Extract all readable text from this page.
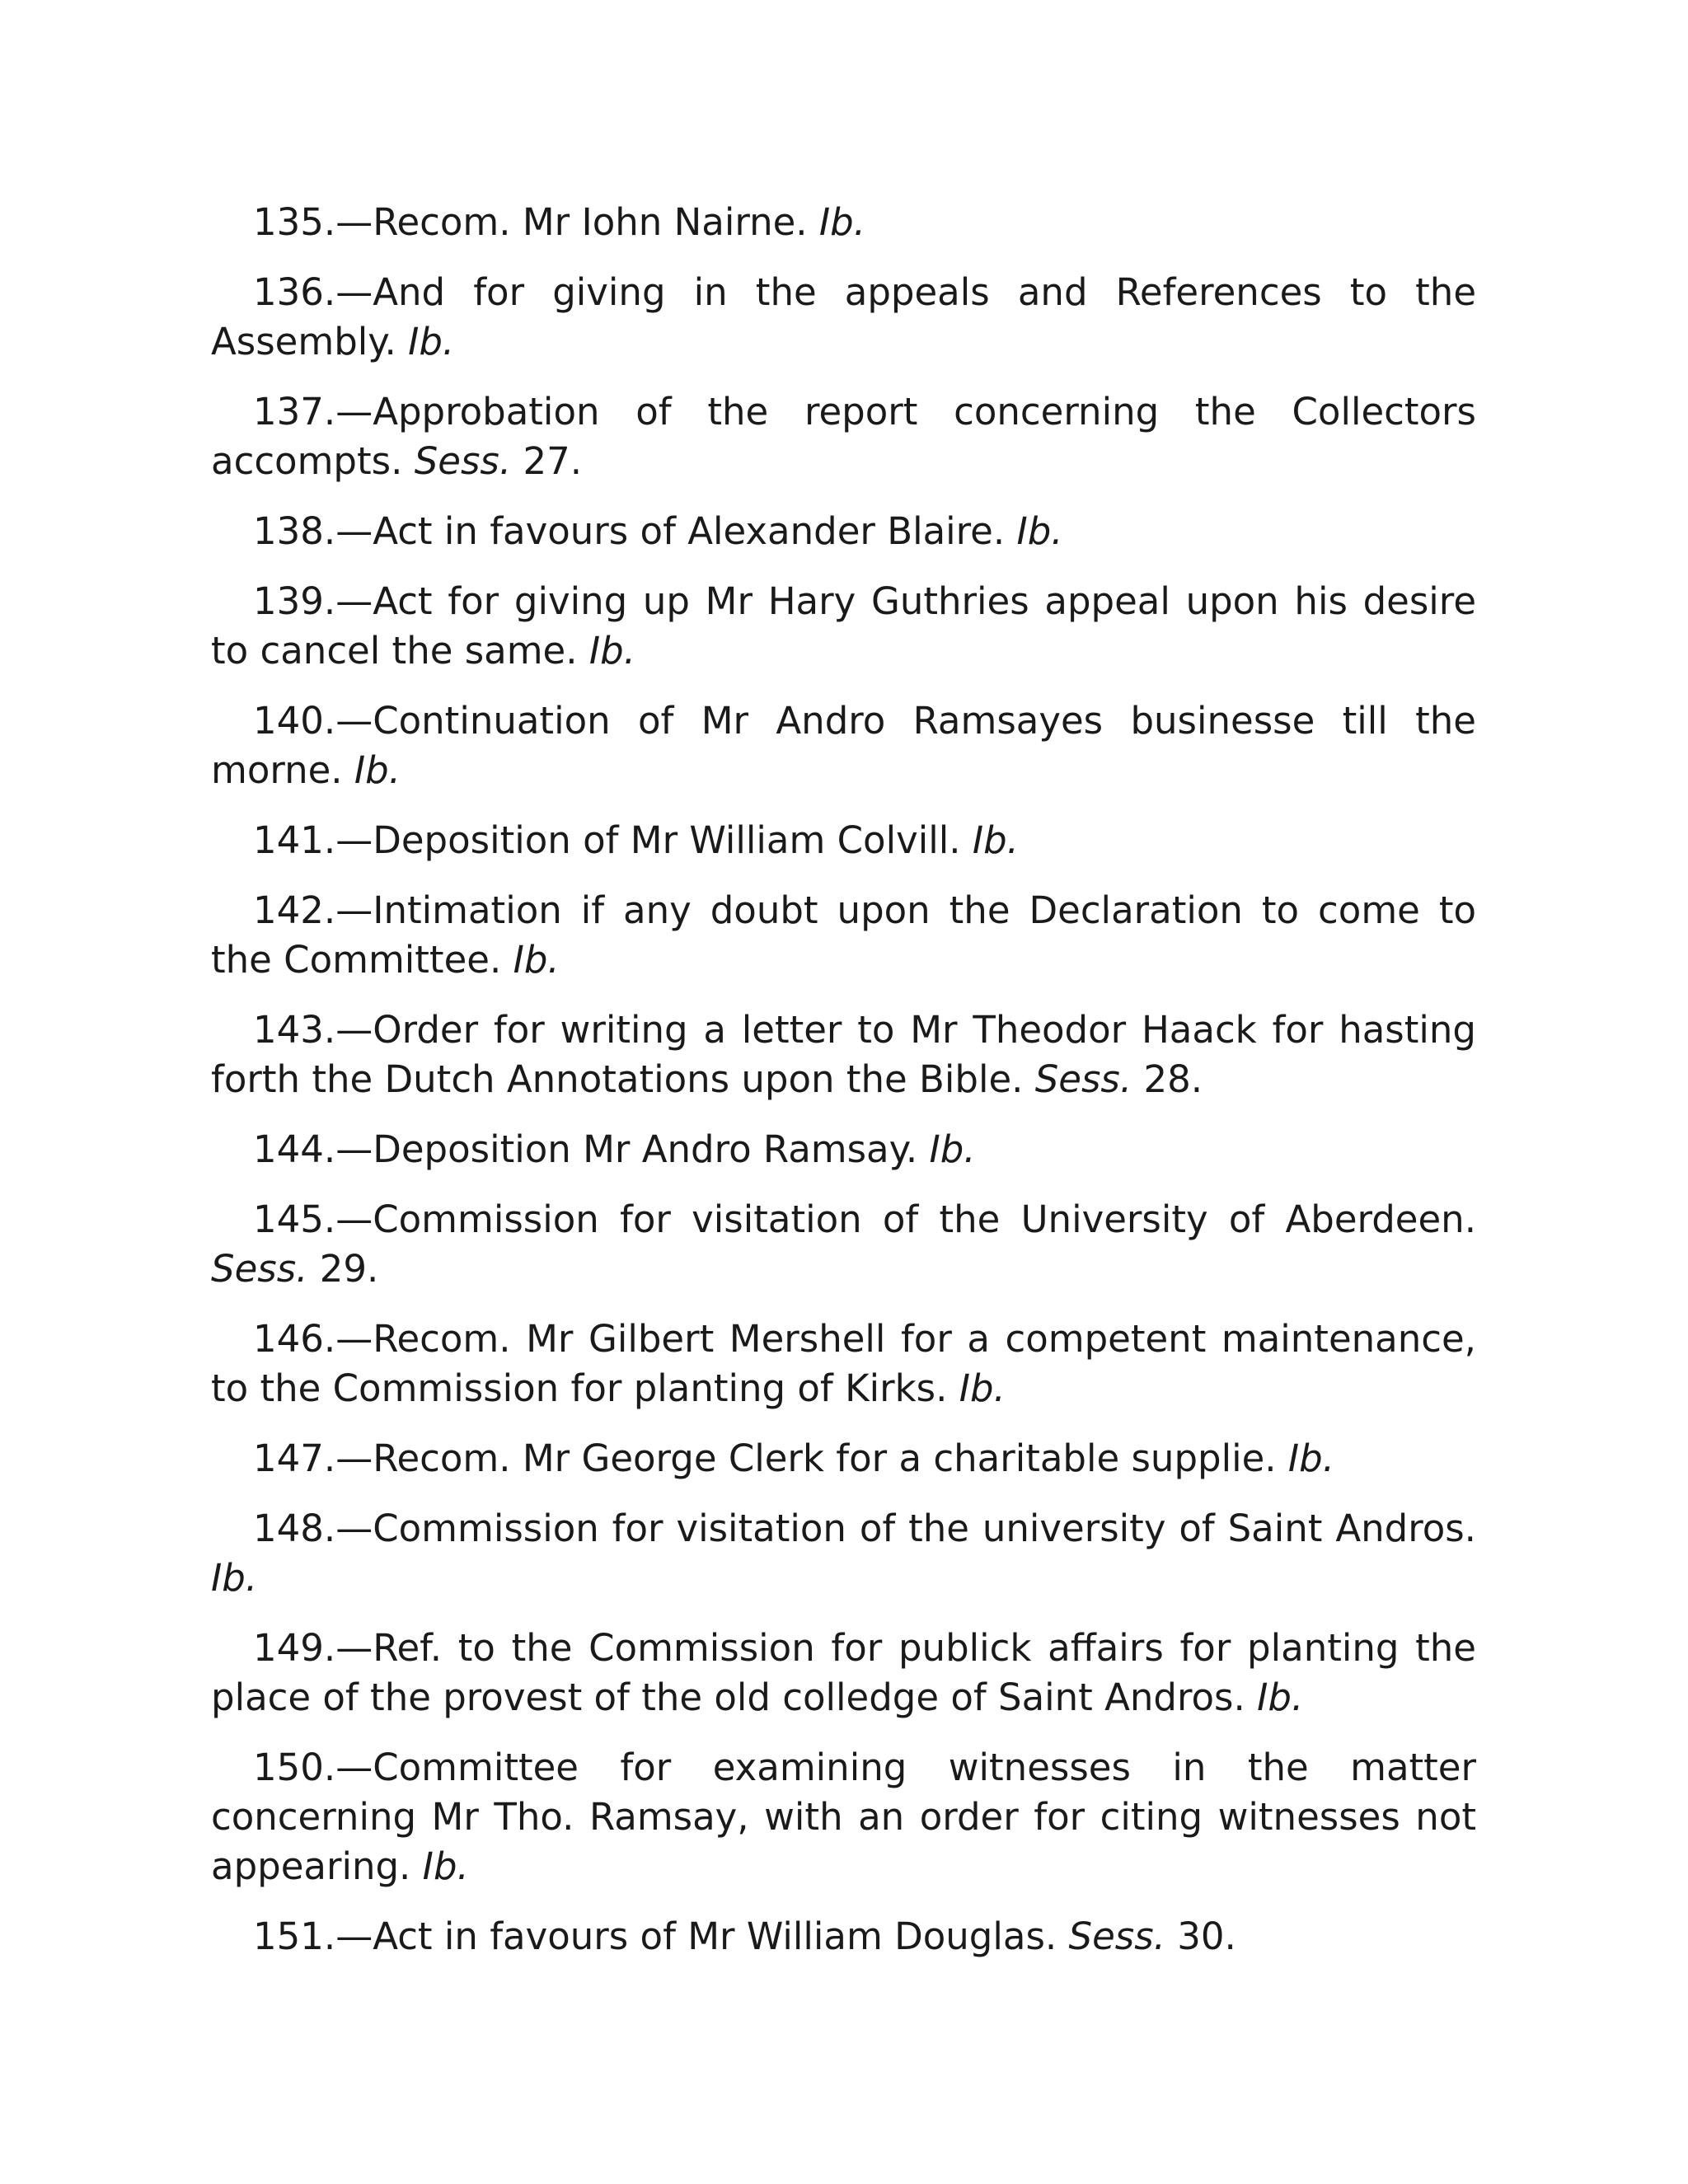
135.—Recom. Mr Iohn Nairne. Ib.

136.—And for giving in the appeals and References to the Assembly. Ib.

137.—Approbation of the report concerning the Collectors accompts. Sess. 27.

138.—Act in favours of Alexander Blaire. Ib.

139.—Act for giving up Mr Hary Guthries appeal upon his desire to cancel the same. Ib.

140.—Continuation of Mr Andro Ramsayes businesse till the morne. Ib.

141.—Deposition of Mr William Colvill. Ib.

142.—Intimation if any doubt upon the Declaration to come to the Committee. Ib.

143.—Order for writing a letter to Mr Theodor Haack for hasting forth the Dutch Annotations upon the Bible. Sess. 28.

144.—Deposition Mr Andro Ramsay. Ib.

145.—Commission for visitation of the University of Aberdeen. Sess. 29.

146.—Recom. Mr Gilbert Mershell for a competent maintenance, to the Commission for planting of Kirks. Ib.

147.—Recom. Mr George Clerk for a charitable supplie. Ib.

148.—Commission for visitation of the university of Saint Andros. Ib.

149.—Ref. to the Commission for publick affairs for planting the place of the provest of the old colledge of Saint Andros. Ib.

150.—Committee for examining witnesses in the matter concerning Mr Tho. Ramsay, with an order for citing witnesses not appearing. Ib.

151.—Act in favours of Mr William Douglas. Sess. 30.
